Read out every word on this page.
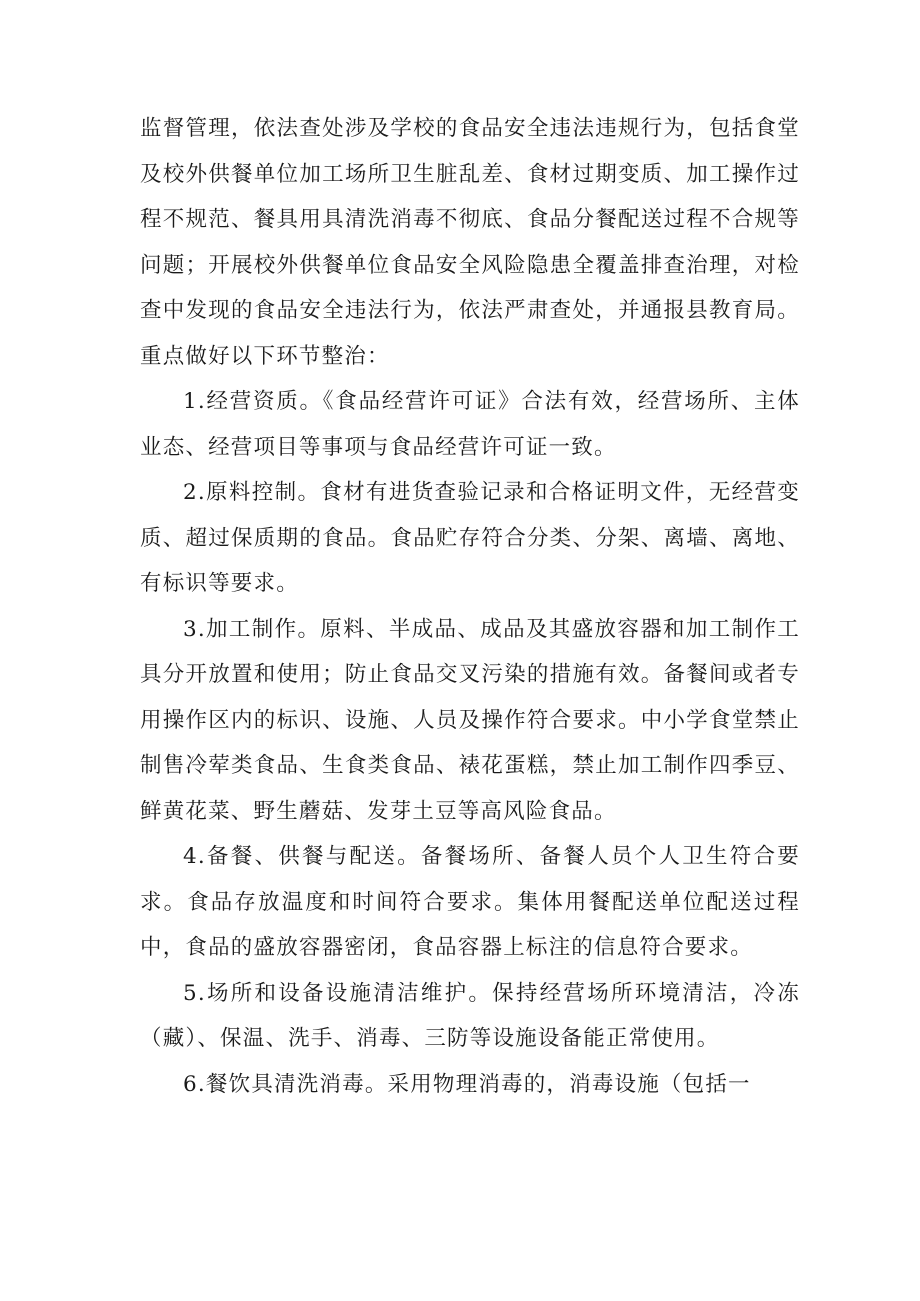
监督管理，依法查处涉及学校的食品安全违法违规行为，包括食堂及校外供餐单位加工场所卫生脏乱差、食材过期变质、加工操作过程不规范、餐具用具清洗消毒不彻底、食品分餐配送过程不合规等问题；开展校外供餐单位食品安全风险隐患全覆盖排查治理，对检查中发现的食品安全违法行为，依法严肃查处，并通报县教育局。重点做好以下环节整治：

1.经营资质。《食品经营许可证》合法有效，经营场所、主体业态、经营项目等事项与食品经营许可证一致。

2.原料控制。食材有进货查验记录和合格证明文件，无经营变质、超过保质期的食品。食品贮存符合分类、分架、离墙、离地、有标识等要求。

3.加工制作。原料、半成品、成品及其盛放容器和加工制作工具分开放置和使用；防止食品交叉污染的措施有效。备餐间或者专用操作区内的标识、设施、人员及操作符合要求。中小学食堂禁止制售冷荤类食品、生食类食品、裱花蛋糕，禁止加工制作四季豆、鲜黄花菜、野生蘑菇、发芽土豆等高风险食品。

4.备餐、供餐与配送。备餐场所、备餐人员个人卫生符合要求。食品存放温度和时间符合要求。集体用餐配送单位配送过程中，食品的盛放容器密闭，食品容器上标注的信息符合要求。

5.场所和设备设施清洁维护。保持经营场所环境清洁，冷冻（藏）、保温、洗手、消毒、三防等设施设备能正常使用。

6.餐饮具清洗消毒。采用物理消毒的，消毒设施（包括一
